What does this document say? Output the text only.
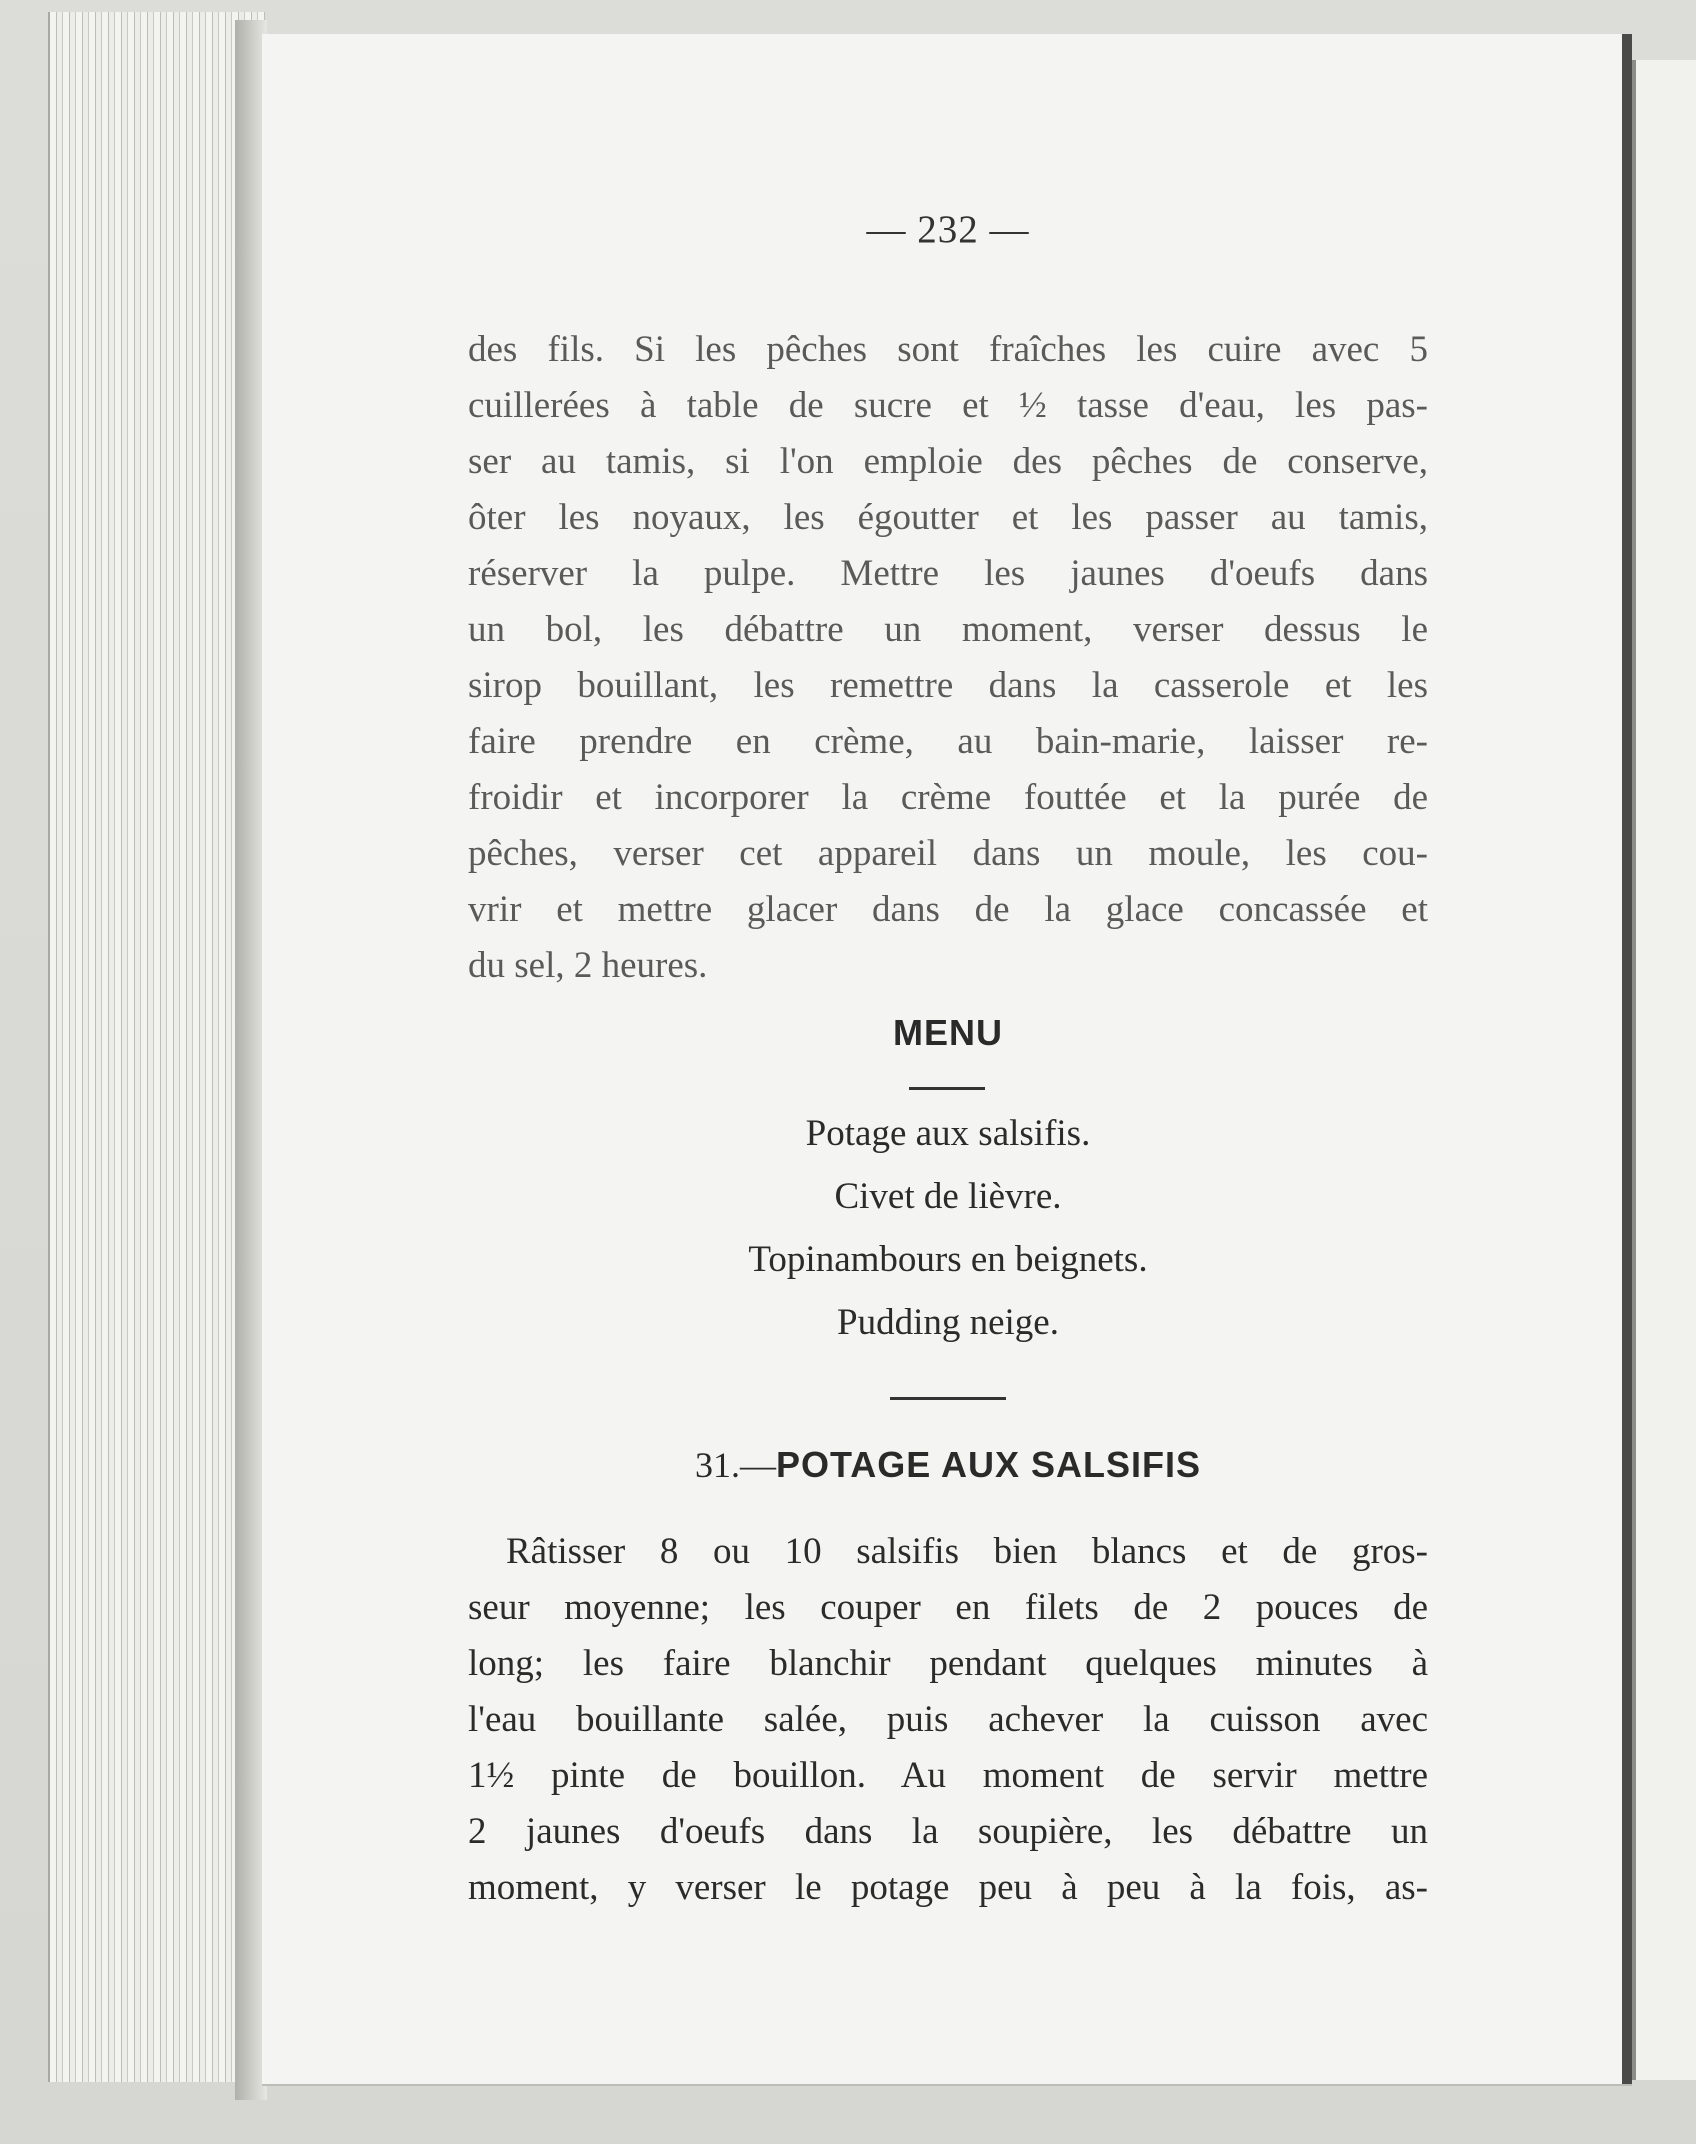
— 232 —
des fils. Si les pêches sont fraîches les cuire avec 5
cuillerées à table de sucre et ½ tasse d'eau, les pas-
ser au tamis, si l'on emploie des pêches de conserve,
ôter les noyaux, les égoutter et les passer au tamis,
réserver la pulpe. Mettre les jaunes d'oeufs dans
un bol, les débattre un moment, verser dessus le
sirop bouillant, les remettre dans la casserole et les
faire prendre en crème, au bain-marie, laisser re-
froidir et incorporer la crème fouttée et la purée de
pêches, verser cet appareil dans un moule, les cou-
vrir et mettre glacer dans de la glace concassée et
du sel, 2 heures.
MENU
Potage aux salsifis.
Civet de lièvre.
Topinambours en beignets.
Pudding neige.
31.—POTAGE AUX SALSIFIS
Râtisser 8 ou 10 salsifis bien blancs et de gros-
seur moyenne; les couper en filets de 2 pouces de
long; les faire blanchir pendant quelques minutes à
l'eau bouillante salée, puis achever la cuisson avec
1½ pinte de bouillon. Au moment de servir mettre
2 jaunes d'oeufs dans la soupière, les débattre un
moment, y verser le potage peu à peu à la fois, as-
